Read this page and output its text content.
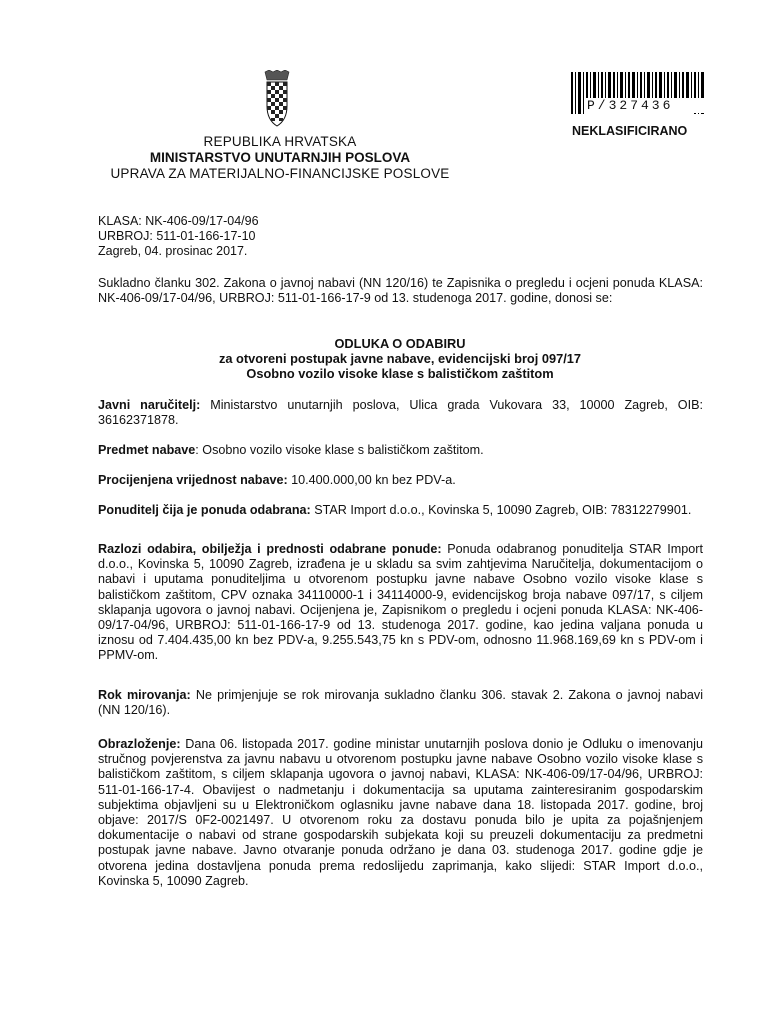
REPUBLIKA HRVATSKA
MINISTARSTVO UNUTARNJIH POSLOVA
UPRAVA ZA MATERIJALNO-FINANCIJSKE POSLOVE
P/327436
NEKLASIFICIRANO
KLASA: NK-406-09/17-04/96
URBROJ: 511-01-166-17-10
Zagreb, 04. prosinac 2017.
Sukladno članku 302. Zakona o javnoj nabavi (NN 120/16) te Zapisnika o pregledu i ocjeni ponuda KLASA: NK-406-09/17-04/96, URBROJ: 511-01-166-17-9 od 13. studenoga 2017. godine, donosi se:
ODLUKA O ODABIRU
za otvoreni postupak javne nabave, evidencijski broj 097/17
Osobno vozilo visoke klase s balističkom zaštitom
Javni naručitelj: Ministarstvo unutarnjih poslova, Ulica grada Vukovara 33, 10000 Zagreb, OIB: 36162371878.
Predmet nabave: Osobno vozilo visoke klase s balističkom zaštitom.
Procijenjena vrijednost nabave: 10.400.000,00 kn bez PDV-a.
Ponuditelj čija je ponuda odabrana: STAR Import d.o.o., Kovinska 5, 10090 Zagreb, OIB: 78312279901.
Razlozi odabira, obilježja i prednosti odabrane ponude: Ponuda odabranog ponuditelja STAR Import d.o.o., Kovinska 5, 10090 Zagreb, izrađena je u skladu sa svim zahtjevima Naručitelja, dokumentacijom o nabavi i uputama ponuditeljima u otvorenom postupku javne nabave Osobno vozilo visoke klase s balističkom zaštitom, CPV oznaka 34110000-1 i 34114000-9, evidencijskog broja nabave 097/17, s ciljem sklapanja ugovora o javnoj nabavi. Ocijenjena je, Zapisnikom o pregledu i ocjeni ponuda KLASA: NK-406-09/17-04/96, URBROJ: 511-01-166-17-9 od 13. studenoga 2017. godine, kao jedina valjana ponuda u iznosu od 7.404.435,00 kn bez PDV-a, 9.255.543,75 kn s PDV-om, odnosno 11.968.169,69 kn s PDV-om i PPMV-om.
Rok mirovanja: Ne primjenjuje se rok mirovanja sukladno članku 306. stavak 2. Zakona o javnoj nabavi (NN 120/16).
Obrazloženje: Dana 06. listopada 2017. godine ministar unutarnjih poslova donio je Odluku o imenovanju stručnog povjerenstva za javnu nabavu u otvorenom postupku javne nabave Osobno vozilo visoke klase s balističkom zaštitom, s ciljem sklapanja ugovora o javnoj nabavi, KLASA: NK-406-09/17-04/96, URBROJ: 511-01-166-17-4. Obavijest o nadmetanju i dokumentacija sa uputama zainteresiranim gospodarskim subjektima objavljeni su u Elektroničkom oglasniku javne nabave dana 18. listopada 2017. godine, broj objave: 2017/S 0F2-0021497. U otvorenom roku za dostavu ponuda bilo je upita za pojašnjenjem dokumentacije o nabavi od strane gospodarskih subjekata koji su preuzeli dokumentaciju za predmetni postupak javne nabave. Javno otvaranje ponuda održano je dana 03. studenoga 2017. godine gdje je otvorena jedina dostavljena ponuda prema redoslijedu zaprimanja, kako slijedi: STAR Import d.o.o., Kovinska 5, 10090 Zagreb.
